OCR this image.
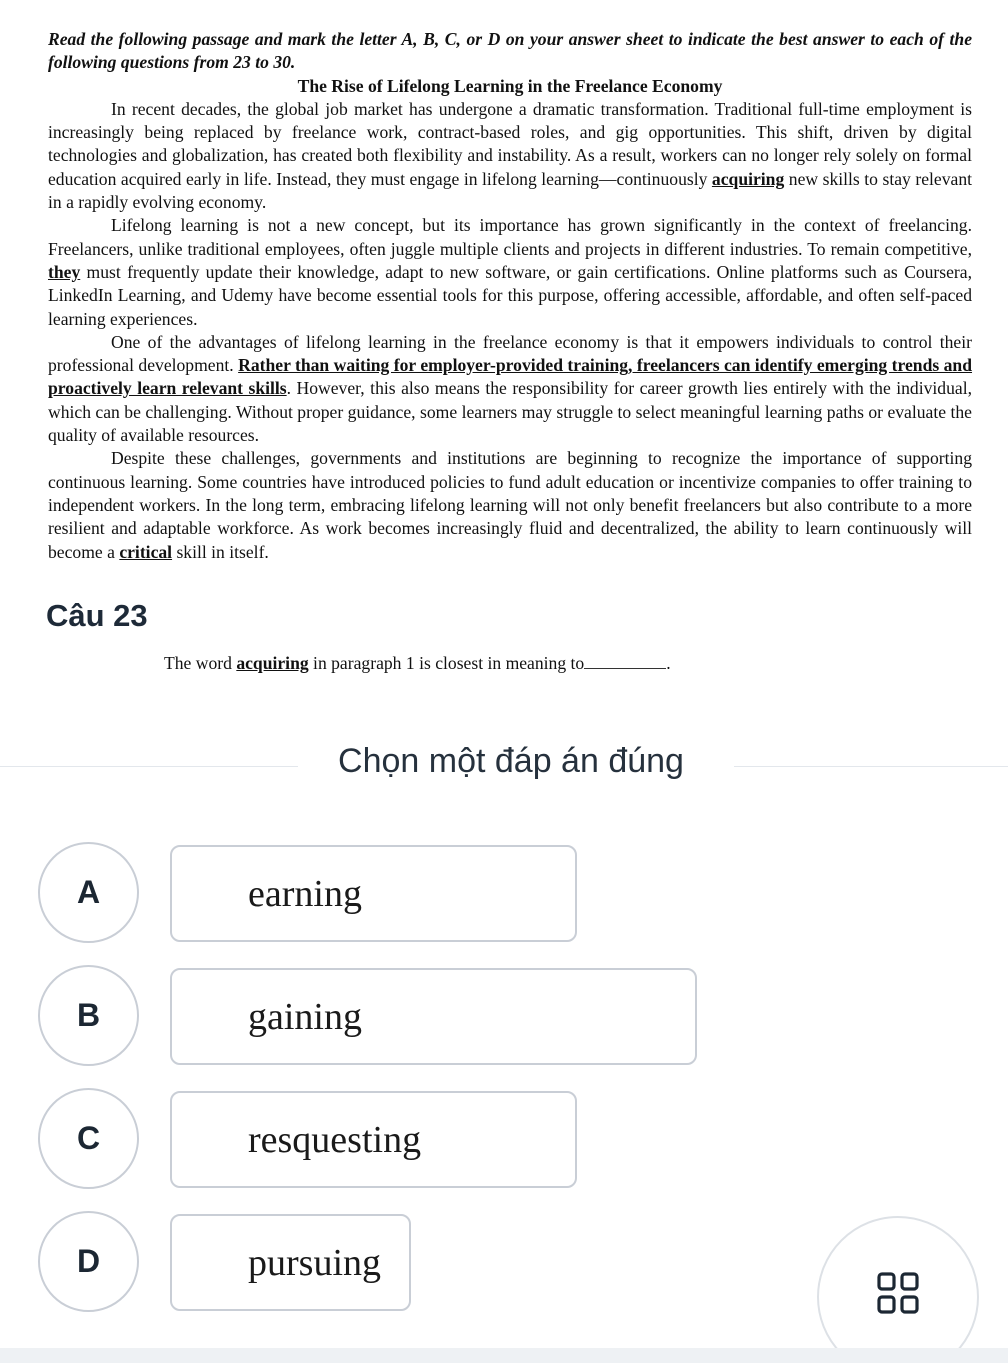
Read the following passage and mark the letter A, B, C, or D on your answer sheet to indicate the best answer to each of the following questions from 23 to 30.

The Rise of Lifelong Learning in the Freelance Economy

In recent decades, the global job market has undergone a dramatic transformation. Traditional full-time employment is increasingly being replaced by freelance work, contract-based roles, and gig opportunities. This shift, driven by digital technologies and globalization, has created both flexibility and instability. As a result, workers can no longer rely solely on formal education acquired early in life. Instead, they must engage in lifelong learning—continuously acquiring new skills to stay relevant in a rapidly evolving economy.

Lifelong learning is not a new concept, but its importance has grown significantly in the context of freelancing. Freelancers, unlike traditional employees, often juggle multiple clients and projects in different industries. To remain competitive, they must frequently update their knowledge, adapt to new software, or gain certifications. Online platforms such as Coursera, LinkedIn Learning, and Udemy have become essential tools for this purpose, offering accessible, affordable, and often self-paced learning experiences.

One of the advantages of lifelong learning in the freelance economy is that it empowers individuals to control their professional development. Rather than waiting for employer-provided training, freelancers can identify emerging trends and proactively learn relevant skills. However, this also means the responsibility for career growth lies entirely with the individual, which can be challenging. Without proper guidance, some learners may struggle to select meaningful learning paths or evaluate the quality of available resources.

Despite these challenges, governments and institutions are beginning to recognize the importance of supporting continuous learning. Some countries have introduced policies to fund adult education or incentivize companies to offer training to independent workers. In the long term, embracing lifelong learning will not only benefit freelancers but also contribute to a more resilient and adaptable workforce. As work becomes increasingly fluid and decentralized, the ability to learn continuously will become a critical skill in itself.

Câu 23
The word acquiring in paragraph 1 is closest in meaning to	.
Chọn một đáp án đúng
A	earning
B	gaining
C	resquesting
D	pursuing
